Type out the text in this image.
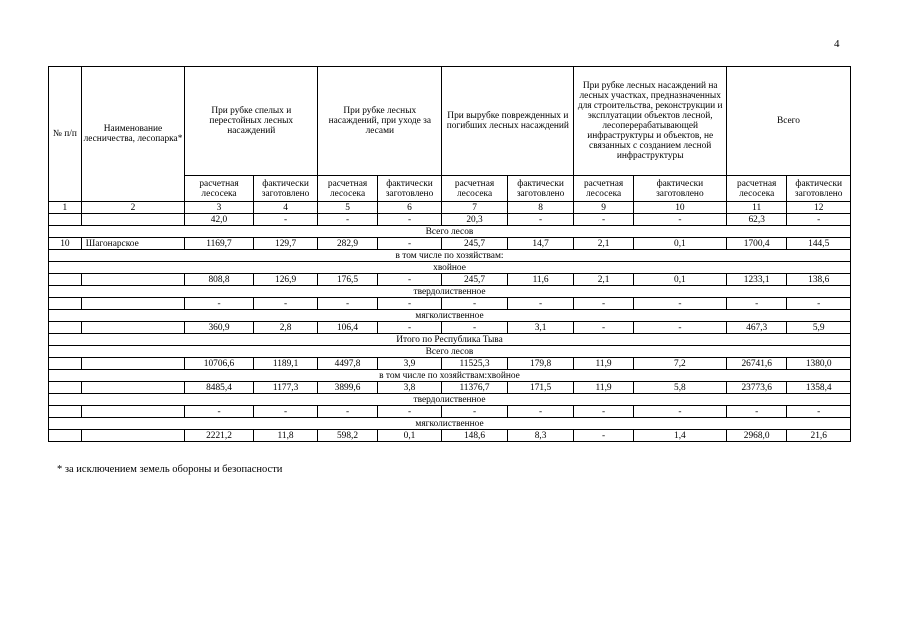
4
№ п/п	Наименование лесничества, лесопарка*	При рубке спелых и перестойных лесных насаждений		При рубке лесных насаждений, при уходе за лесами		При вырубке поврежденных и погибших лесных насаждений		При рубке лесных насаждений на лесных участках, предназначенных для строительства, реконструкции и эксплуатации объектов лесной, лесоперерабатывающей инфраструктуры и объектов, не связанных с созданием лесной инфраструктуры		Всего	
		расчетная лесосека	фактически заготовлено	расчетная лесосека	фактически заготовлено	расчетная лесосека	фактически заготовлено	расчетная лесосека	фактически заготовлено	расчетная лесосека	фактически заготовлено
1	2	3	4	5	6	7	8	9	10	11	12
		42,0	-	-	-	20,3	-	-	-	62,3	-
Всего лесов											
10	Шагонарское	1169,7	129,7	282,9	-	245,7	14,7	2,1	0,1	1700,4	144,5
в том числе по хозяйствам:											
хвойное											
		808,8	126,9	176,5	-	245,7	11,6	2,1	0,1	1233,1	138,6
твердолиственное											
		-	-	-	-	-	-	-	-	-	-
мягколиственное											
		360,9	2,8	106,4	-	-	3,1	-	-	467,3	5,9
Итого по Республика Тыва											
Всего лесов											
		10706,6	1189,1	4497,8	3,9	11525,3	179,8	11,9	7,2	26741,6	1380,0
в том числе по хозяйствам:хвойное											
		8485,4	1177,3	3899,6	3,8	11376,7	171,5	11,9	5,8	23773,6	1358,4
твердолиственное											
		-	-	-	-	-	-	-	-	-	-
мягколиственное											
		2221,2	11,8	598,2	0,1	148,6	8,3	-	1,4	2968,0	21,6
* за исключением земель обороны и безопасности
